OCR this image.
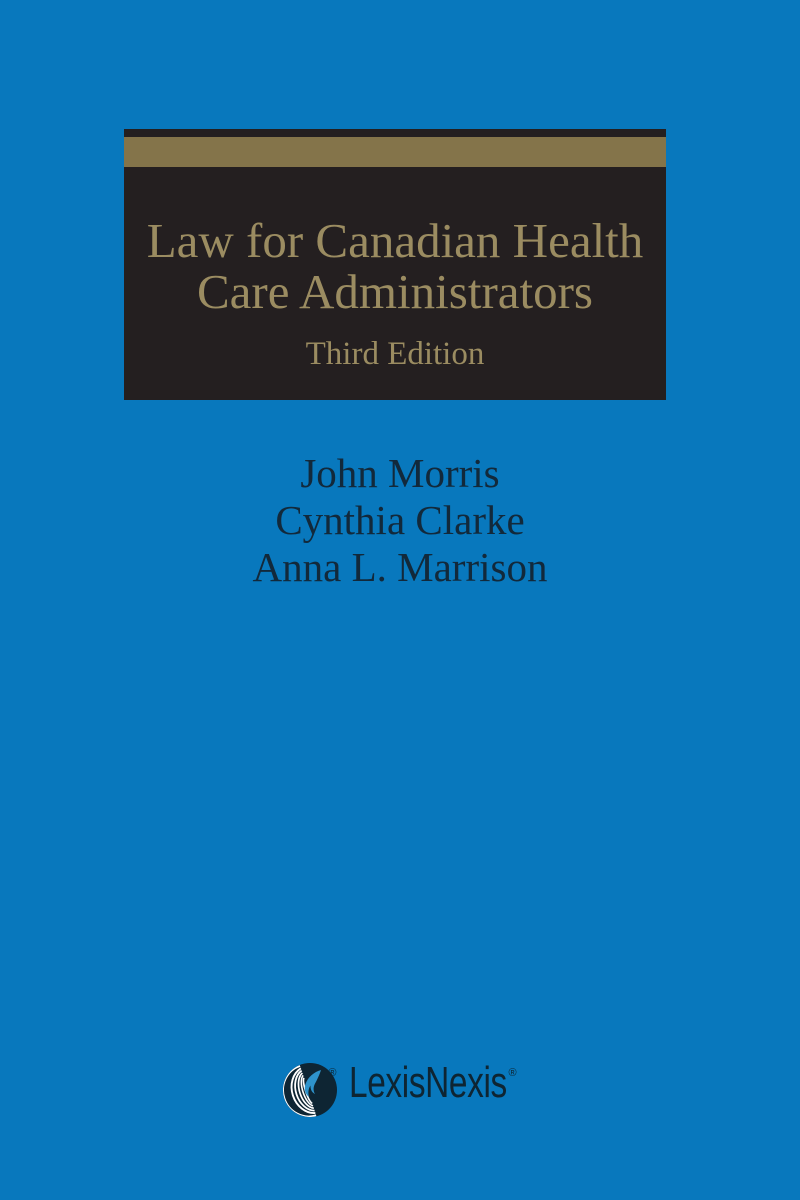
Law for Canadian Health
Care Administrators
Third Edition
John Morris
Cynthia Clarke
Anna L. Marrison
® LexisNexis ®
